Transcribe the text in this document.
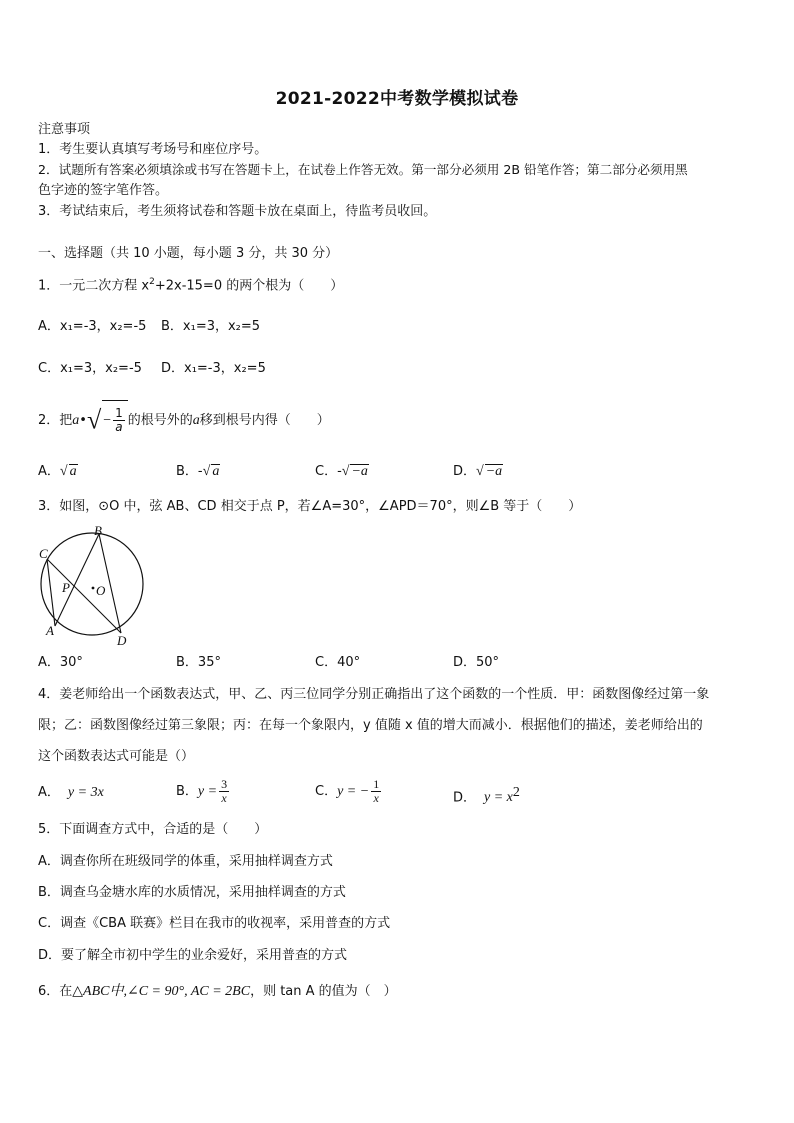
2021-2022中考数学模拟试卷
注意事项
1．考生要认真填写考场号和座位序号。
2．试题所有答案必须填涂或书写在答题卡上，在试卷上作答无效。第一部分必须用 2B 铅笔作答；第二部分必须用黑
色字迹的签字笔作答。
3．考试结束后，考生须将试卷和答题卡放在桌面上，待监考员收回。
一、选择题（共 10 小题，每小题 3 分，共 30 分）
1．一元二次方程 $x^2+2x-15=0$ 的两个根为（　　）
A．x₁=-3，x₂=-5 B．x₁=3，x₂=5
C．x₁=3，x₂=-5 D．x₁=-3，x₂=5
2．把a•√ − $\frac{1}{a}$ 的根号外的a移到根号内得（　　）
A．√ a	B．-√ a	C．-√ −a	D．√ −a
3．如图，⊙O 中，弦 AB、CD 相交于点 P，若∠A=30°，∠APD＝70°，则∠B 等于（　　）
B
C
P O
A
D
A．30°	B．35°	C．40°	D．50°
4．姜老师给出一个函数表达式，甲、乙、丙三位同学分别正确指出了这个函数的一个性质．甲：函数图像经过第一象
限；乙：函数图像经过第三象限；丙：在每一个象限内，y 值随 x 值的增大而减小．根据他们的描述，姜老师给出的
这个函数表达式可能是（）
A． y = 3x	B．$y = \frac{3}{x}$	C．y = − $\frac{1}{x}$	D． $y = x^2$
5．下面调查方式中，合适的是（　　）
A．调查你所在班级同学的体重，采用抽样调查方式
B．调查乌金塘水库的水质情况，采用抽样调查的方式
C．调查《CBA 联赛》栏目在我市的收视率，采用普查的方式
D．要了解全市初中学生的业余爱好，采用普查的方式
6．在△ABC中,∠C = 90°, AC = 2BC，则 tan A 的值为（　）
